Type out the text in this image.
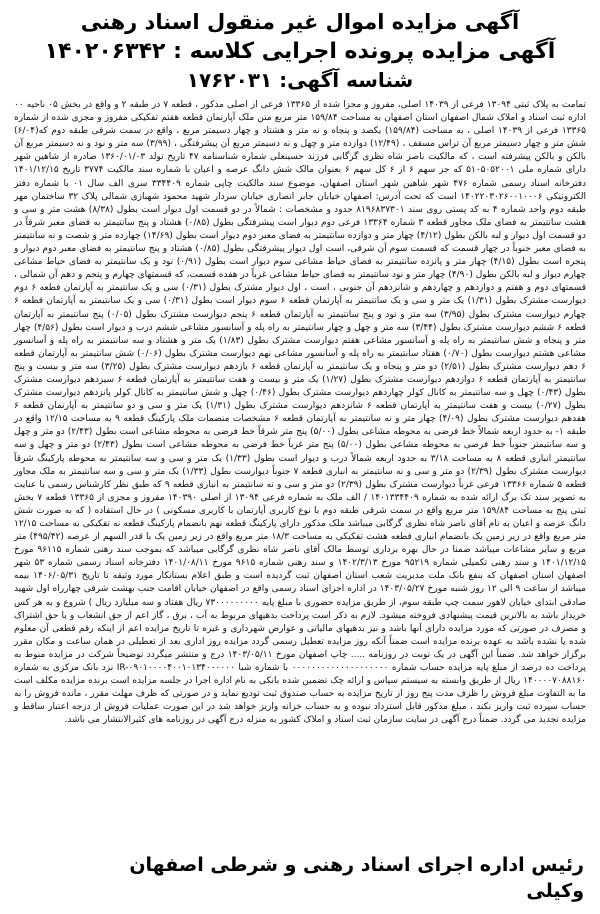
آگهی مزایده اموال غیر منقول اسناد رهنی

آگهی مزایده پرونده اجرایی کلاسه : ۱۴۰۲۰۶۳۴۲

شناسه آگهی: ۱۷۶۲۰۳۱

تمامت به پلاک ثبتی ۱۳۰۹۴ فرعی از ۱۴۰۳۹ اصلی، مفروز و مجزا شده از ۱۳۳۶۵ فرعی از اصلی مذکور ، قطعه ۷ در طبقه ۲ و واقع در بخش ۰۵ ناحیه ۰۰ اداره ثبت اسناد و املاک شمال اصفهان استان اصفهان به مساحت ۱۵۹/۸۴ متر مربع متن ملک آپارتمان قطعه هفتم تفکیکی مفروز و مجزی شده از شماره ۱۳۳۶۵ فرعی از ۱۴۰۳۹ اصلی ، به مساحت (۱۵۹/۸۴) یکصد و پنجاه و نه متر و هشتاد و چهار دسیمتر مربع ، واقع در سمت شرقی طبقه دوم که(۶/۰۴) شش متر و چهار دسیمتر مربع آن تراس مسقف ، (۱۲/۴۹) دوازده متر و چهل و نه دسیمتر مربع آن پیشرفتگی ، (۳/۹۹) سه متر و نود و نه دسیمتر مربع آن بالکن و بالکن پیشرفته است ، که مالکیت ناصر شاه نظری گرگابی فرزند حسینعلی شماره شناسنامه ۴۷ تاریخ تولد ۱۳۶۰/۰۱/۰۳ صادره از شاهین شهر دارای شماره ملی ۵۱۰۵۰۵۲۰۰۱ که جز سهم ۶ از ۶ کل سهم ۶ بعنوان مالک شش دانگ عرصه و اعیان با شماره سند مالکیت ۳۷۷۴ تاریخ ۱۴۰۱/۱۲/۱۵ دفترخانه اسناد رسمی شماره ۴۷۶ شهر شاهین شهر استان اصفهان، موضوع سند مالکیت چاپی شماره ۳۳۴۴۰۹ سری الف سال ۰۱ با شماره دفتر الکترونیکی ۱۴۰۲۲۰۳۰۲۶۰۰۱۰۰۰۶ است که تحت آدرس: اصفهان خیابان جابر انصاری خیابان سردار شهید محمود شهبازی شمالی پلاک ۳۲ ساختمان مهر طبقه دوم واحد شماره ۴ به کد پستی روی سند ۸۱۹۶۸۳۷۳۰۱ حدود و مشخصات : شمالاً در دو قسمت اول دیوار است بطول (۸/۳۸) هشت متر و سی و هشت سانتیمتر به فضای ملک مجاور قطعه ۳ شماره ۱۳۳۶۴ فرعی دوم دیوار است پیشرفتگی بطول (۰/۸۵) هشتاد و پنج سانتیمتر به فضای معبر شرقاً در دو قسمت اول دیوار و لبه بالکن بطول (۴/۱۲) چهار متر و دوازده سانتیمتر به فضای معبر دوم دیوار است بطول (۱۴/۶۹) چهارده متر و شصت و نه سانتیمتر به فضای معبر جنوباً در چهار قسمت که قسمت سوم آن شرقی، است اول دیوار پیشرفتگی بطول (۰/۸۵) هشتاد و پنج سانتیمتر به فضای معبر دوم دیوار و پنجره است بطول (۴/۱۵) چهار متر و پانزده سانتیمتر به فضای حیاط مشاعی سوم دیوار است بطول (۰/۹۱) نود و یک سانتیمتر به فضای حیاط مشاعی چهارم دیوار و لبه بالکن بطول (۴/۹۰) چهار متر و نود سانتیمتر به فضای حیاط مشاعی غرباً در هفده قسمت، که قسمتهای چهارم و پنجم و دهم آن شمالی ، قسمتهای دوم و هفتم و دوازدهم و چهاردهم و شانزدهم آن جنوبی ، است ، اول دیوار مشترک بطول (۰/۳۱) سی و یک سانتیمتر به آپارتمان قطعه ۶ دوم دیوارست مشترک بطول (۱/۳۱) یک متر و سی و یک سانتیمتر به آپارتمان قطعه ۶ سوم دیوار است بطول (۰/۳۱) سی و یک سانتیمتر به آپارتمان قطعه ۶ چهارم دیوارست مشترک بطول (۳/۹۵) سه متر و نود و پنج سانتیمتر به آپارتمان قطعه ۶ پنجم دیوارست مشترک بطول (۰/۰۵) پنج سانتیمتر به آپارتمان قطعه ۶ ششم دیوارست مشترک بطول (۳/۴۴) سه متر و چهل و چهار سانتیمتر به راه پله و آسانسور مشاعی ششم درب و دیوار است بطول (۴/۵۶) چهار متر و پنجاه و شش سانتیمتر به راه پله و آسانسور مشاعی هفتم دیوارست مشترک بطول (۱/۸۳) یک متر و هشتاد و سه سانتیمتر به راه پله و آسانسور مشاعی هشتم دیوارست بطول (۰/۷۰) هفتاد سانتیمتر به راه پله و آسانسور مشاعی نهم دیوارست مشترک بطول (۰/۰۶) شش سانتیمتر به آپارتمان قطعه ۶ دهم دیوارست مشترک بطول (۲/۵۱) دو متر و پنجاه و یک سانتیمتر به آپارتمان قطعه ۶ یازدهم دیوارست مشترک بطول (۳/۲۵) سه متر و بیست و پنج سانتیمتر به آپارتمان قطعه ۶ دوازدهم دیوارست مشترک بطول (۱/۲۷) یک متر و بیست و هفت سانتیمتر به آپارتمان قطعه ۶ سیزدهم دیوارست مشترک بطول (۰/۴۳) چهل و سه سانتیمتر به کانال کولر چهاردهم دیوارست مشترک بطول (۰/۴۶) چهل و شش سانتیمتر به کانال کولر پانزدهم دیوارست مشترک بطول (۰/۲۷) بیست و هفت سانتیمتر به آپارتمان قطعه ۶ شانزدهم دیوارست مشترک بطول (۱/۳۱) یک متر و سی و دو سانتیمتر به آپارتمان قطعه ۶ هفدهم دیوارست مشترک بطول (۴/۰۹) چهار متر و نه سانتیمتر به آپارتمان قطعه ۶ مشخصات منضمات ملک پارکینگ قطعه ۹ به مساحت ۱۲/۱۵ واقع در طبقه ۱- به حدود اربعه شمالاً خط فرضی به محوطه مشاعی بطول (۵/۰۰) پنج متر شرقاً خط فرضی به محوطه مشاعی است بطول (۲/۴۳) دو متر و چهل و سه سانتیمتر جنوباً خط فرضی به محوطه مشاعی بطول (۵/۰۰) پنج متر غرباً خط فرضی به محوطه مشاعی است بطول (۲/۴۳) دو متر و چهل و سه سانتیمتر انباری قطعه ۸ به مساحت ۳/۱۸ به حدود اربعه شمالاً درب و دیوار است بطول (۱/۳۳) یک متر و سی و سه سانتیمتر به محوطه پارکینگ شرقاً دیوارست مشترک بطول (۲/۳۹) دو متر و سی و نه سانتیمتر به انباری قطعه ۷ جنوباً دیوارست بطول (۱/۳۳) یک متر و سی و سه سانتیمتر به ملک مجاور قطعه ۵ شماره ۱۳۳۶۶ فرعی غرباً دیوارست مشترک بطول (۲/۳۹) دو متر و سی و نه سانتیمتر به انباری قطعه ۹ که طبق نظر کارشناس رسمی با عنایت به تصویر سند تک برگ ارائه شده به شماره ۱۴۰۱۳۳۴۴۰۹ / الف ملک به شماره فرعی ۱۳۰۹۴ از اصلی ۱۴۰۳۹۰ مفروز و مجزی از ۱۳۳۶۵ قطعه ۷ بخش ثبتی پنج به مساحت ۱۵۹/۸۴ متر مربع واقع در سمت شرقی طبقه دوم با نوع کاربری آپارتمان با کاربری مسکونی ) در حال استفاده ( که به صورت شش دانگ عرصه و اعیان به نام آقای ناصر شاه نظری گرگابی میباشد ملک مذکور دارای پارکینگ قطعه نهم بانضمام پارکینگ قطعه نه تفکیکی به مساحت ۱۲/۱۵ متر مربع واقع در زیر زمین یک بانضمام انباری قطعه هشت تفکیکی به مساحت ۱۸/۳ متر مربع واقع در زیر زمین یک با قدر السهم از عرصه (۴۹۵/۴۲) متر مربع و سایر مشاعات میباشد ضمنا در حال بهره برداری توسط مالک آقای ناصر شاه نظری گرگابی میباشد که بموجب سند رهنی شماره ۹۶۱۱۵ مورخ ۱۴۰۱/۱۲/۱۵ و سند رهنی تکمیلی شماره ۹۵۲۱۹ مورخ ۱۴۰۲/۳/۱۳ و سند رهنی شماره ۹۶۱۵ مورخ ۱۴۰۱/۰۸/۱۱ دفترخانه اسناد رسمی شماره ۵۳ شهر اصفهان استان اصفهان که بنفع بانک ملت مدیریت شعب استان اصفهان ثبت گردیده است و طبق اعلام بستانکار مورد وثیقه تا تاریخ ۱۴۰۶/۰۵/۳۱ بیمه میباشد از ساعت ۹ الی ۱۲ روز شنبه مورخ ۱۴۰۳/۰۵/۲۷ در اداره اجرای اسناد رسمی واقع در اصفهان خیابان اقامت جنب بهشت شرقی چهارراه اول شهید صادقی ابتدای خیابان لاهور سمت چپ طبقه سوم، از طریق مزایده حضوری با مبلغ پایه ۷۳۰۰۰۰۰۰۰۰۰ ریال هفتاد و سه میلیارد ریال ) شروع و به هر کس خریدار باشد به بالاترین قیمت پیشنهادی فروخته میشود. لازم به ذکر است پرداخت بدهیهای مربوط به آب ، برق ، گاز اعم از حق انشعاب و یا حق اشتراک و مصرف در صورتی که مورد مزایده دارای آنها باشد و نیز بدهیهای مالیاتی و عوارض شهرداری و غیره تا تاریخ مزایده اعم از اینکه رقم قطعی آن معلوم شده یا نشده باشد به عهده برنده مزایده است ضمناً آنکه روز مزایده تعطیل رسمی گردد مزایده روز اداری بعد از تعطیلی در همان ساعت و مکان مقرر برگزار خواهد شد. ضمناً این آگهی در یک نوبت در روزنامه ..... چاپ اصفهان مورخ ۱۴۰۳/۰۵/۱۱ درج و منتشر میگردد توضیحاً شرکت در مزایده منوط به پرداخت ده درصد از مبلغ پایه مزایده حساب شماره ۰۰۰۰۰۰۰۰۰۰۰۰۰۰۰۰۰۰۰۰ با شماره شبا IR-۰۹۰۱۰۰۰۰۴۰۰۱۰۱۳۴۰۰۰۰۰۰ نزد بانک مرکزی به شماره ۱۴۰۰۰۰۷۰۸۸۱۶۰ ریال از طریق وابسته به سیستم سپاس و ارائه چک تضمین شده بانکی به نام اداره اجرا در جلسه مزایده است برنده مزایده مکلف است ما به التفاوت مبلغ فروش را ظرف مدت پنج روز از تاریخ مزایده به حساب صندوق ثبت تودیع نماید و در صورتی که ظرف مهلت مقرر ، مانده فروش را به حساب سپرده ثبت واریز نکند ، مبلغ مذکور قابل استرداد نبوده و به حساب خزانه واریز خواهد شد در این صورت عملیات فروش از درجه اعتبار ساقط و مزایده تجدید می گردد. ضمناً درج آگهی در سایت سازمان ثبت اسناد و املاک کشور به منزله درج آگهی در روزنامه های کثیرالانتشار می باشد.

رئیس اداره اجرای اسناد رهنی و شرطی اصفهان

وکیلی
